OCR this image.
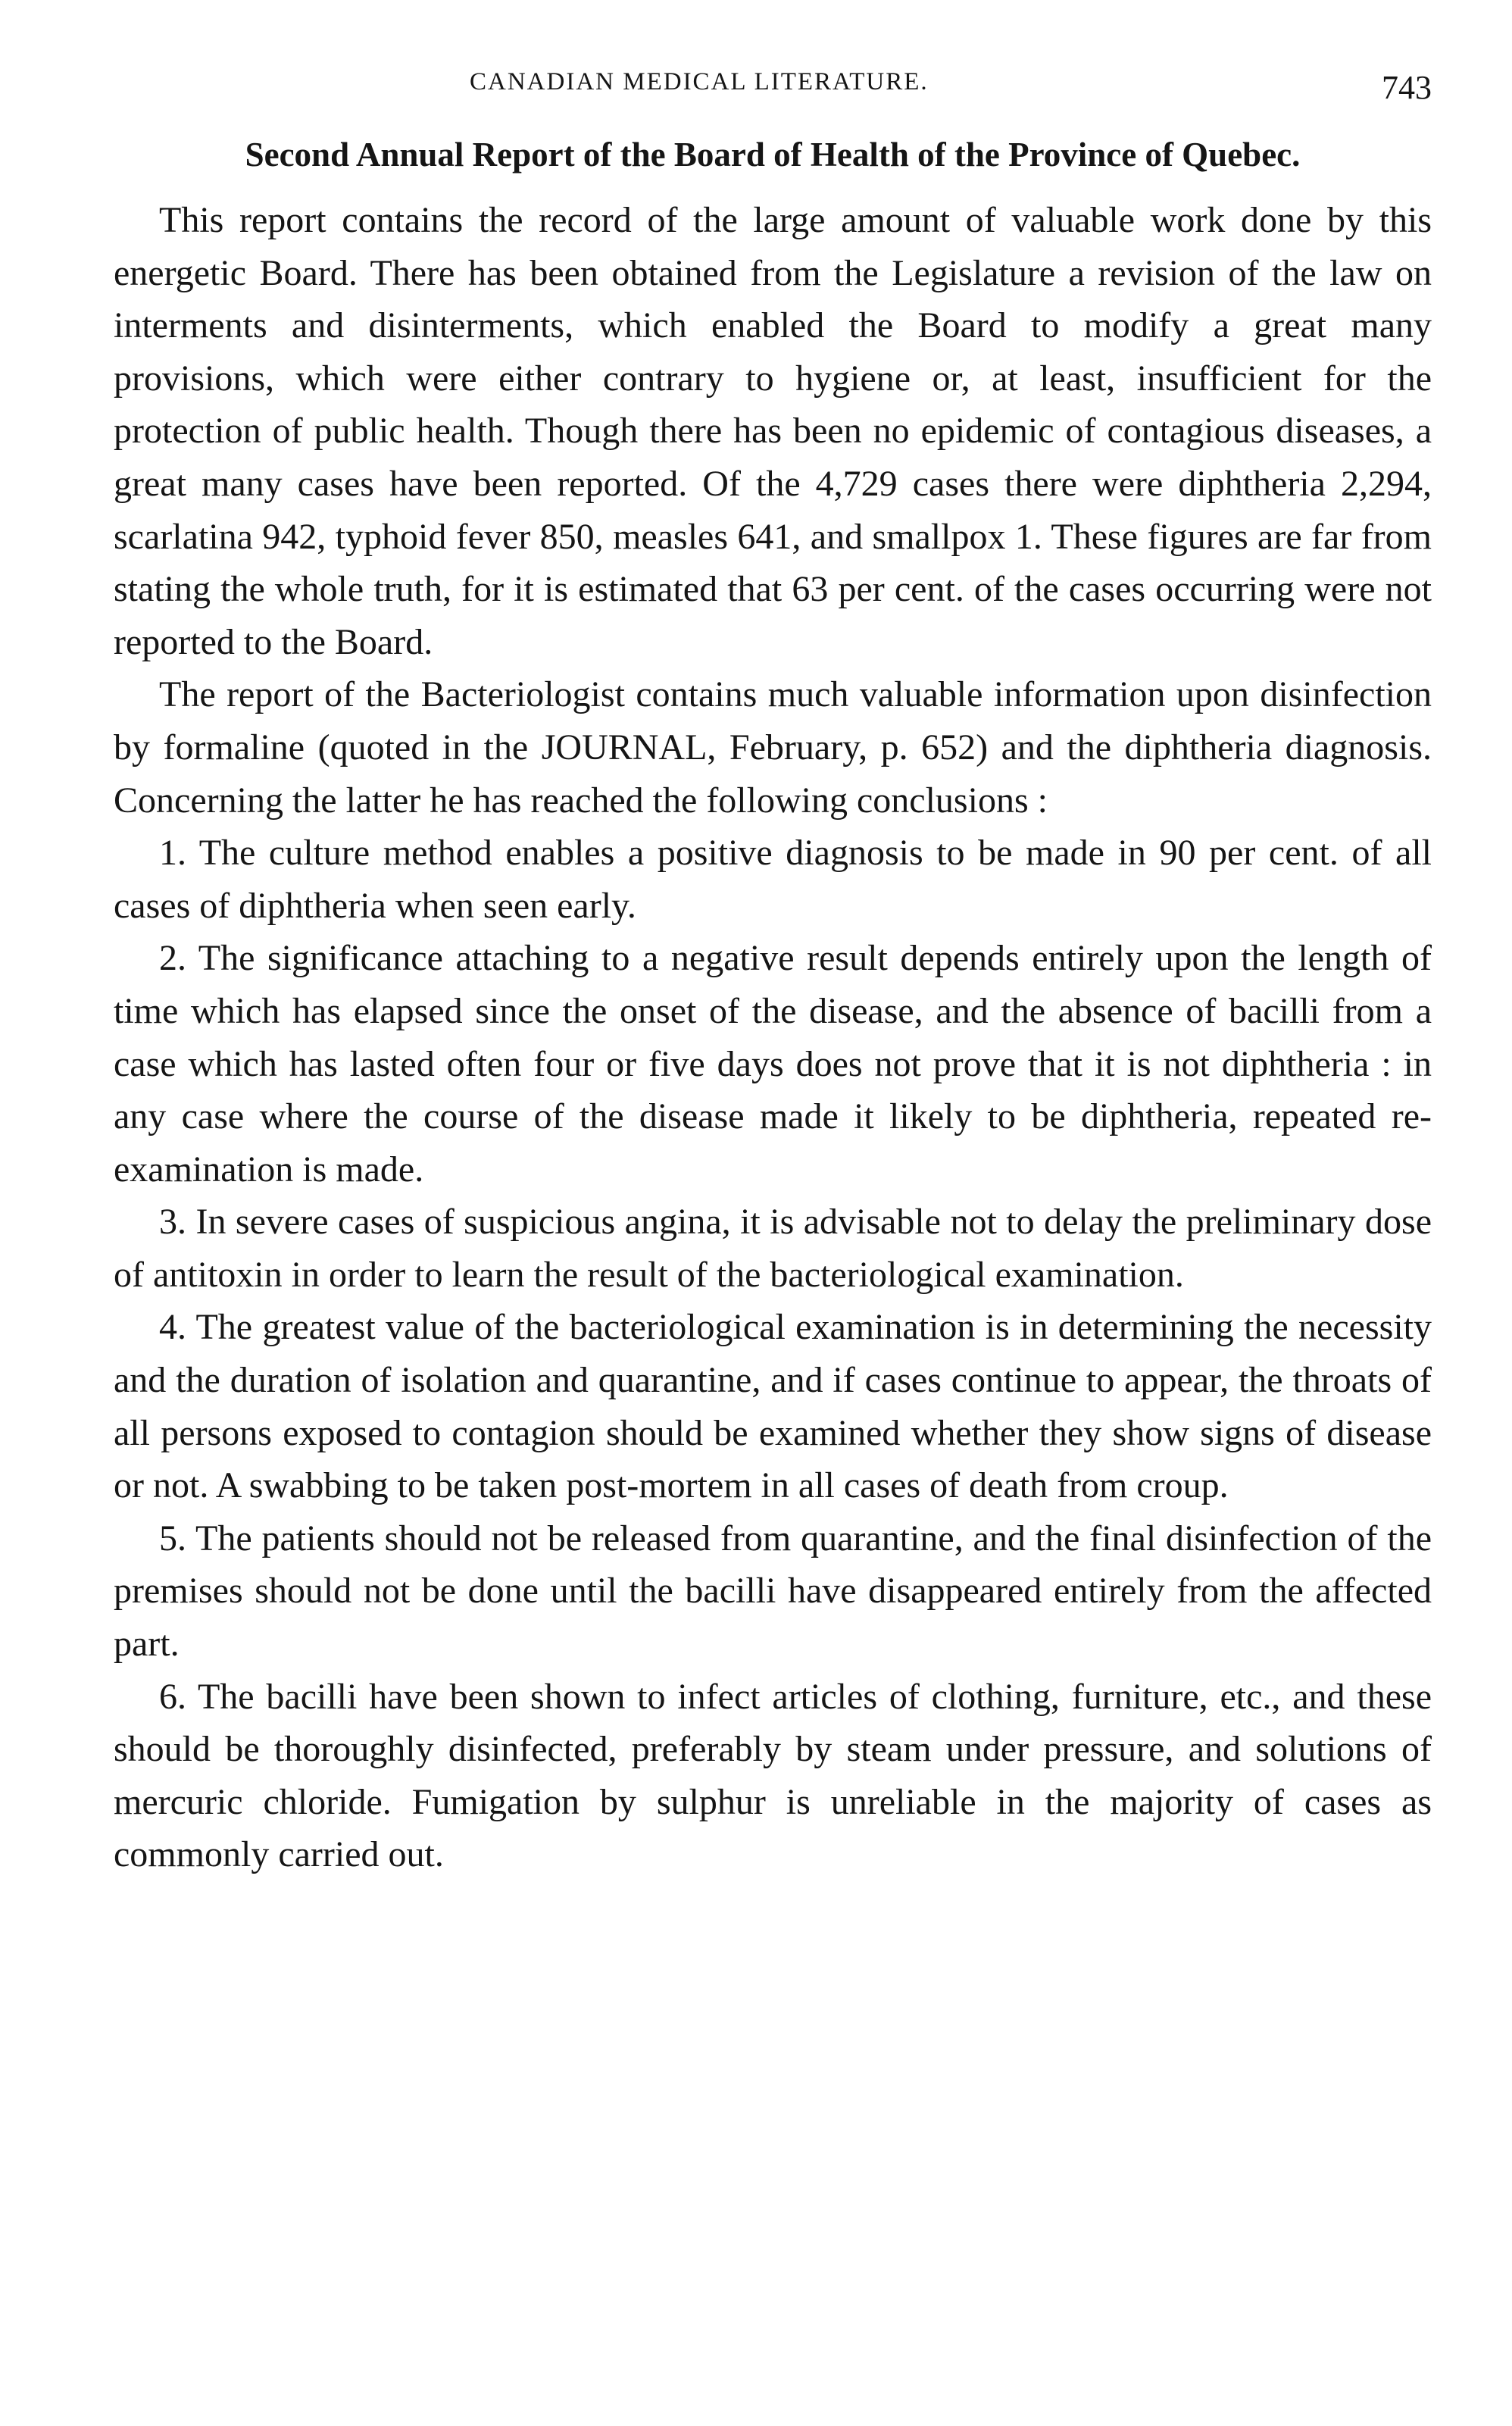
CANADIAN MEDICAL LITERATURE.	743
Second Annual Report of the Board of Health of the Province of Quebec.

This report contains the record of the large amount of valuable work done by this energetic Board. There has been obtained from the Legislature a revision of the law on interments and disinterments, which enabled the Board to modify a great many provisions, which were either contrary to hygiene or, at least, insufficient for the protection of public health. Though there has been no epidemic of contagious diseases, a great many cases have been reported. Of the 4,729 cases there were diphtheria 2,294, scarlatina 942, typhoid fever 850, measles 641, and smallpox 1. These figures are far from stating the whole truth, for it is estimated that 63 per cent. of the cases occurring were not reported to the Board.

The report of the Bacteriologist contains much valuable information upon disinfection by formaline (quoted in the JOURNAL, February, p. 652) and the diphtheria diagnosis. Concerning the latter he has reached the following conclusions :

1. The culture method enables a positive diagnosis to be made in 90 per cent. of all cases of diphtheria when seen early.

2. The significance attaching to a negative result depends entirely upon the length of time which has elapsed since the onset of the disease, and the absence of bacilli from a case which has lasted often four or five days does not prove that it is not diphtheria : in any case where the course of the disease made it likely to be diphtheria, repeated re-examination is made.

3. In severe cases of suspicious angina, it is advisable not to delay the preliminary dose of antitoxin in order to learn the result of the bacteriological examination.

4. The greatest value of the bacteriological examination is in determining the necessity and the duration of isolation and quarantine, and if cases continue to appear, the throats of all persons exposed to contagion should be examined whether they show signs of disease or not. A swabbing to be taken post-mortem in all cases of death from croup.

5. The patients should not be released from quarantine, and the final disinfection of the premises should not be done until the bacilli have disappeared entirely from the affected part.

6. The bacilli have been shown to infect articles of clothing, furniture, etc., and these should be thoroughly disinfected, preferably by steam under pressure, and solutions of mercuric chloride. Fumigation by sulphur is unreliable in the majority of cases as commonly carried out.
